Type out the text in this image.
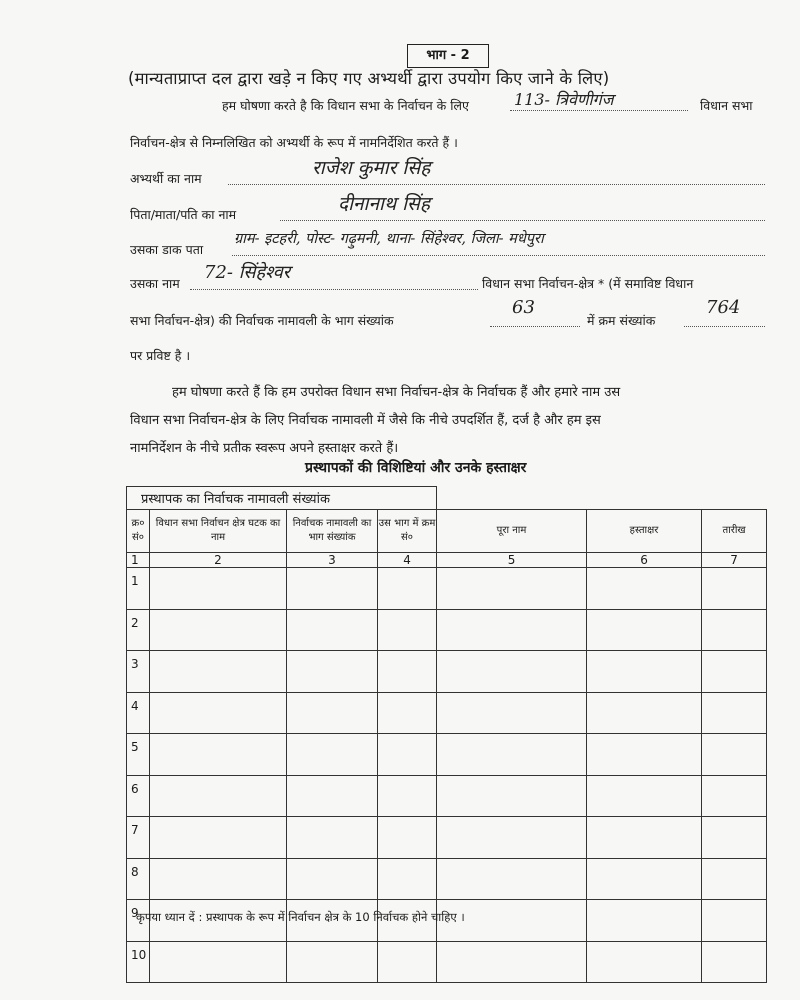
भाग - 2
(मान्यताप्राप्त दल द्वारा खड़े न किए गए अभ्यर्थी द्वारा उपयोग किए जाने के लिए)
हम घोषणा करते है कि विधान सभा के निर्वाचन के लिए	113- त्रिवेणीगंज	विधान सभा
निर्वाचन-क्षेत्र से निम्नलिखित को अभ्यर्थी के रूप में नामनिर्देशित करते हैं ।
अभ्यर्थी का नाम	राजेश कुमार सिंह
पिता/माता/पति का नाम	दीनानाथ सिंह
उसका डाक पता
ग्राम- इटहरी, पोस्ट- गढ़ुमनी, थाना- सिंहेश्वर, जिला- मधेपुरा
उसका नाम
72- सिंहेश्वर
विधान सभा निर्वाचन-क्षेत्र * (में समाविष्ट विधान
सभा निर्वाचन-क्षेत्र) की निर्वाचक नामावली के भाग संख्यांक
63
में क्रम संख्यांक
764
पर प्रविष्ट है ।
हम घोषणा करते हैं कि हम उपरोक्त विधान सभा निर्वाचन-क्षेत्र के निर्वाचक हैं और हमारे नाम उस
विधान सभा निर्वाचन-क्षेत्र के लिए निर्वाचक नामावली में जैसे कि नीचे उपदर्शित हैं, दर्ज है और हम इस
नामनिर्देशन के नीचे प्रतीक स्वरूप अपने हस्ताक्षर करते हैं।
प्रस्थापकों की विशिष्टियां और उनके हस्ताक्षर
प्रस्थापक का निर्वाचक नामावली संख्यांक						
क्र० सं०	विधान सभा निर्वाचन क्षेत्र घटक का नाम	निर्वाचक नामावली का भाग संख्यांक	उस भाग में क्रम सं०	पूरा नाम	हस्ताक्षर	तारीख
1	2	3	4	5	6	7
1						
2						
3						
4						
5						
6						
7						
8						
9						
10						
कृपया ध्यान दें : प्रस्थापक के रूप में निर्वाचन क्षेत्र के 10 निर्वाचक होने चाहिए ।
